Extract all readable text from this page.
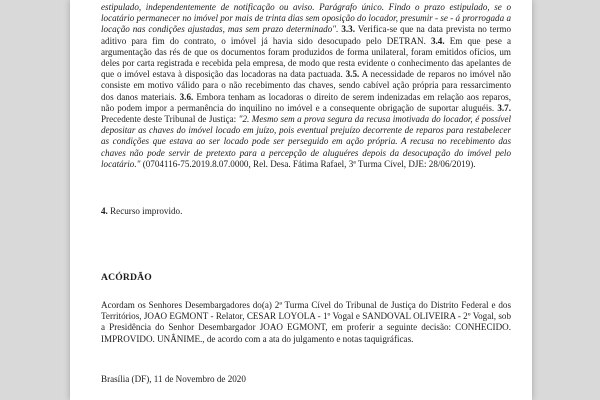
estipulado, independentemente de notificação ou aviso. Parágrafo único. Findo o prazo estipulado, se o locatário permanecer no imóvel por mais de trinta dias sem oposição do locador, presumir - se - á prorrogada a locação nas condições ajustadas, mas sem prazo determinado". 3.3. Verifica-se que na data prevista no termo aditivo para fim do contrato, o imóvel já havia sido desocupado pelo DETRAN. 3.4. Em que pese a argumentação das rés de que os documentos foram produzidos de forma unilateral, foram emitidos ofícios, um deles por carta registrada e recebida pela empresa, de modo que resta evidente o conhecimento das apelantes de que o imóvel estava à disposição das locadoras na data pactuada. 3.5. A necessidade de reparos no imóvel não consiste em motivo válido para o não recebimento das chaves, sendo cabível ação própria para ressarcimento dos danos materiais. 3.6. Embora tenham as locadoras o direito de serem indenizadas em relação aos reparos, não podem impor a permanência do inquilino no imóvel e a consequente obrigação de suportar aluguéis. 3.7. Precedente deste Tribunal de Justiça: "2. Mesmo sem a prova segura da recusa imotivada do locador, é possível depositar as chaves do imóvel locado em juízo, pois eventual prejuízo decorrente de reparos para restabelecer as condições que estava ao ser locado pode ser perseguido em ação própria. A recusa no recebimento das chaves não pode servir de pretexto para a percepção de aluguéres depois da desocupação do imóvel pelo locatário." (0704116-75.2019.8.07.0000, Rel. Desa. Fátima Rafael, 3ª Turma Cível, DJE: 28/06/2019).
4. Recurso improvido.
ACÓRDÃO
Acordam os Senhores Desembargadores do(a) 2ª Turma Cível do Tribunal de Justiça do Distrito Federal e dos Territórios, JOAO EGMONT - Relator, CESAR LOYOLA - 1º Vogal e SANDOVAL OLIVEIRA - 2º Vogal, sob a Presidência do Senhor Desembargador JOAO EGMONT, em proferir a seguinte decisão: CONHECIDO. IMPROVIDO. UNÂNIME., de acordo com a ata do julgamento e notas taquigráficas.
Brasília (DF), 11 de Novembro de 2020
